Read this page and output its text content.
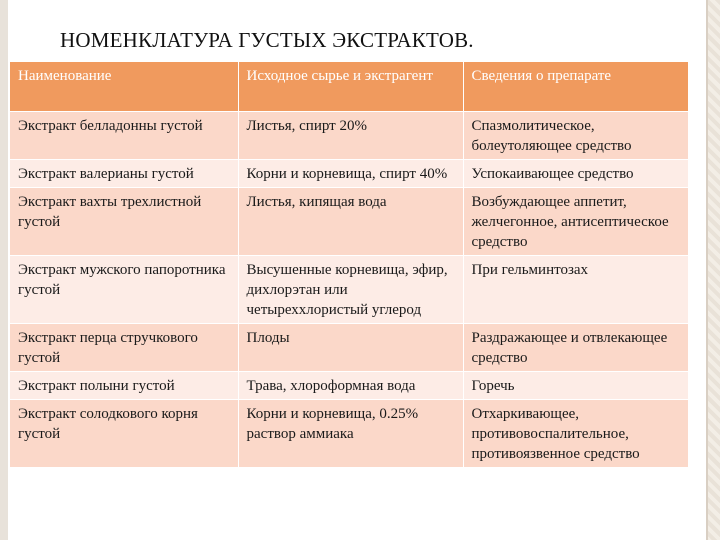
НОМЕНКЛАТУРА ГУСТЫХ ЭКСТРАКТОВ.
Наименование	Исходное сырье и экстрагент	Сведения о препарате
Экстракт белладонны густой	Листья, спирт 20%	Спазмолитическое, болеутоляющее средство
Экстракт валерианы густой	Корни и корневища, спирт 40%	Успокаивающее средство
Экстракт вахты трехлистной густой	Листья, кипящая вода	Возбуждающее аппетит, желчегонное, антисептическое средство
Экстракт мужского папоротника густой	Высушенные корневища, эфир, дихлорэтан или четыреххлористый углерод	При гельминтозах
Экстракт перца стручкового густой	Плоды	Раздражающее и отвлекающее средство
Экстракт полыни густой	Трава, хлороформная вода	Горечь
Экстракт солодкового корня густой	Корни и корневища, 0.25% раствор аммиака	Отхаркивающее, противовоспалительное, противоязвенное средство
